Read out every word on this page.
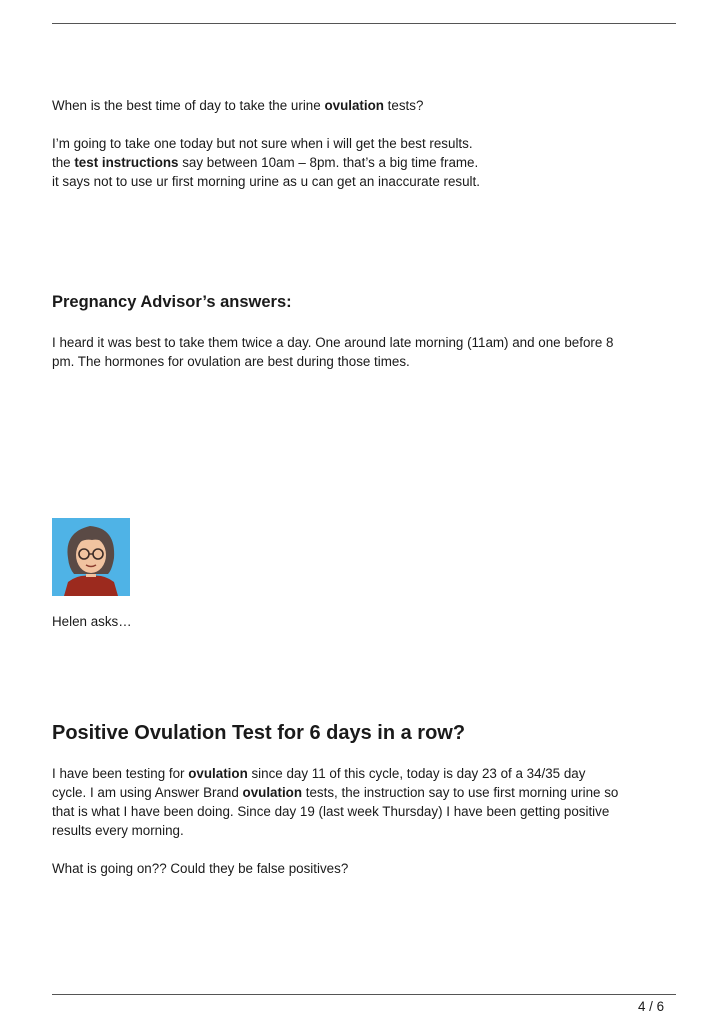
When is the best time of day to take the urine ovulation tests?
I’m going to take one today but not sure when i will get the best results.
the test instructions say between 10am – 8pm. that’s a big time frame.
it says not to use ur first morning urine as u can get an inaccurate result.
Pregnancy Advisor’s answers:
I heard it was best to take them twice a day. One around late morning (11am) and one before 8
pm. The hormones for ovulation are best during those times.
Helen asks…
Positive Ovulation Test for 6 days in a row?
I have been testing for ovulation since day 11 of this cycle, today is day 23 of a 34/35 day
cycle. I am using Answer Brand ovulation tests, the instruction say to use first morning urine so
that is what I have been doing. Since day 19 (last week Thursday) I have been getting positive
results every morning.
What is going on?? Could they be false positives?
4 / 6
